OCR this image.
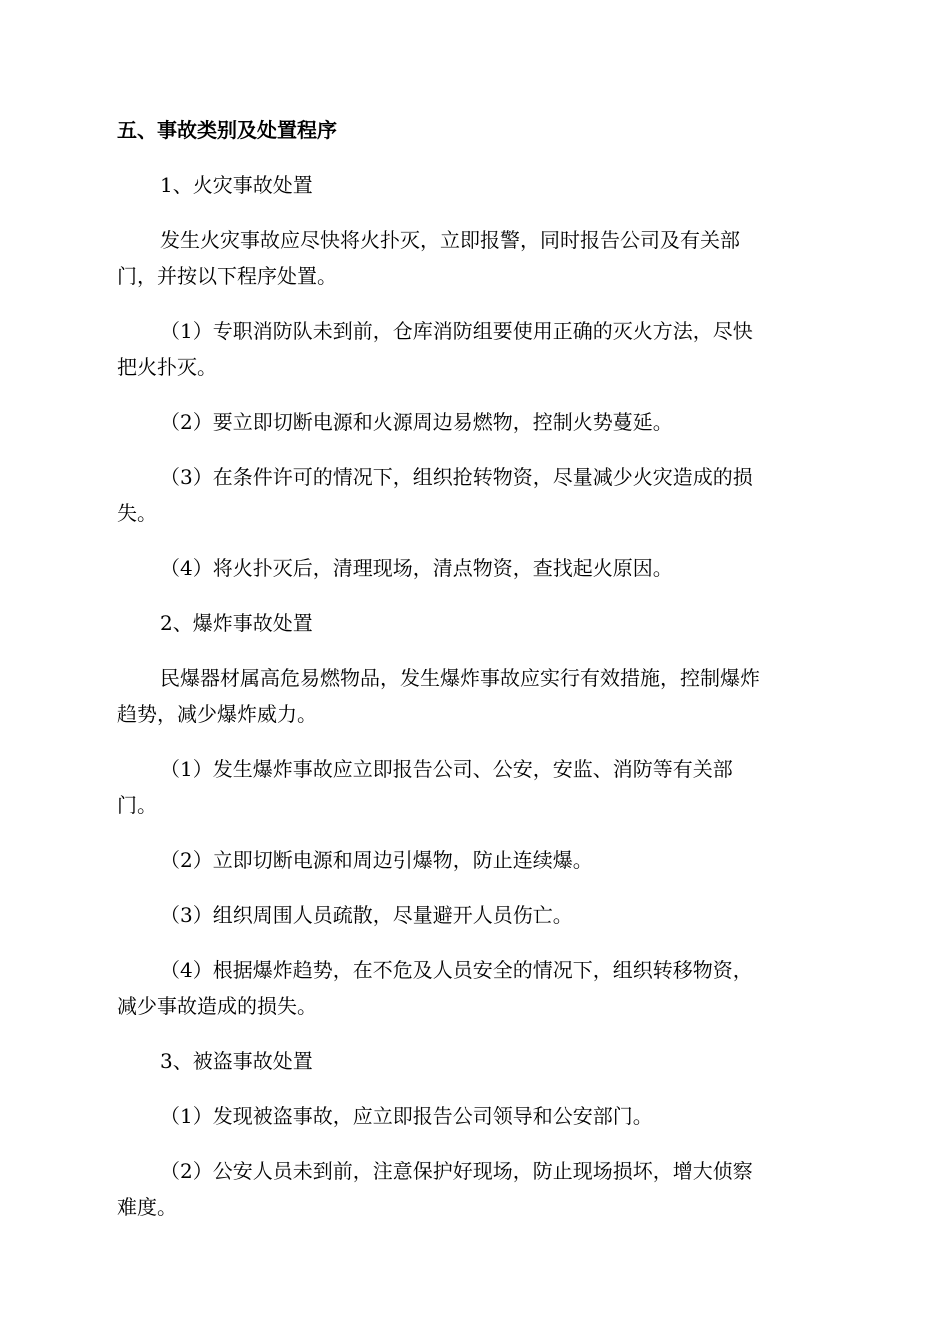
五、事故类别及处置程序
1、火灾事故处置
发生火灾事故应尽快将火扑灭，立即报警，同时报告公司及有关部
门，并按以下程序处置。
（1）专职消防队未到前，仓库消防组要使用正确的灭火方法，尽快
把火扑灭。
（2）要立即切断电源和火源周边易燃物，控制火势蔓延。
（3）在条件许可的情况下，组织抢转物资，尽量减少火灾造成的损
失。
（4）将火扑灭后，清理现场，清点物资，查找起火原因。
2、爆炸事故处置
民爆器材属高危易燃物品，发生爆炸事故应实行有效措施，控制爆炸
趋势，减少爆炸威力。
（1）发生爆炸事故应立即报告公司、公安，安监、消防等有关部
门。
（2）立即切断电源和周边引爆物，防止连续爆。
（3）组织周围人员疏散，尽量避开人员伤亡。
（4）根据爆炸趋势，在不危及人员安全的情况下，组织转移物资，
减少事故造成的损失。
3、被盗事故处置
（1）发现被盗事故，应立即报告公司领导和公安部门。
（2）公安人员未到前，注意保护好现场，防止现场损坏，增大侦察
难度。
